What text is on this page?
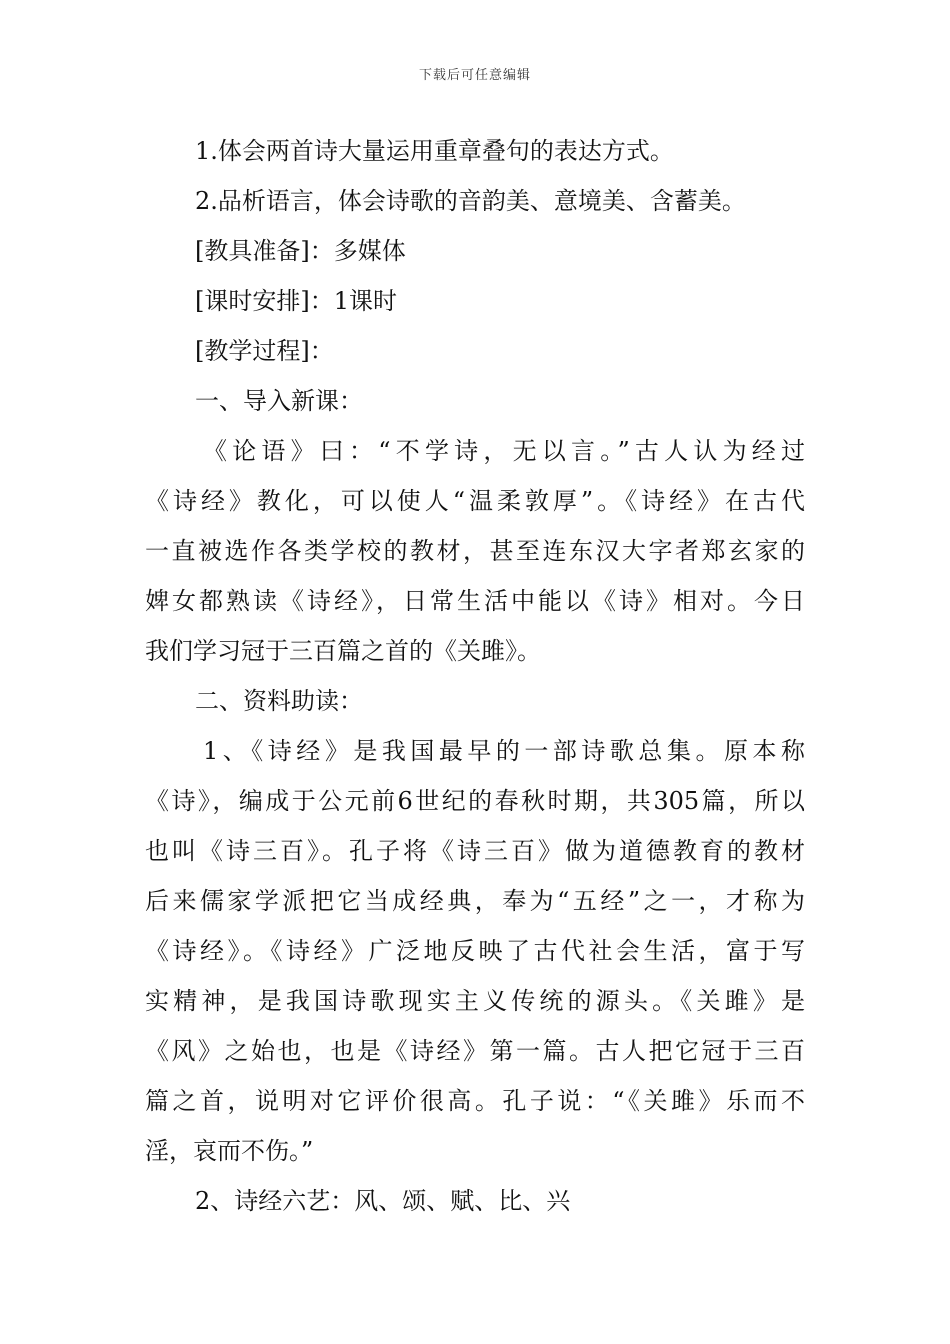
下载后可任意编辑
1.体会两首诗大量运用重章叠句的表达方式。
2.品析语言，体会诗歌的音韵美、意境美、含蓄美。
[教具准备]：多媒体
[课时安排]：1课时
[教学过程]：
一、导入新课：
《论语》曰：“不学诗，无以言。”古人认为经过
《诗经》教化，可以使人“温柔敦厚”。《诗经》在古代
一直被选作各类学校的教材，甚至连东汉大字者郑玄家的
婢女都熟读《诗经》，日常生活中能以《诗》相对。今日
我们学习冠于三百篇之首的《关雎》。
二、资料助读：
1、《诗经》是我国最早的一部诗歌总集。原本称
《诗》，编成于公元前6世纪的春秋时期，共305篇，所以
也叫《诗三百》。孔子将《诗三百》做为道德教育的教材
后来儒家学派把它当成经典，奉为“五经”之一，才称为
《诗经》。《诗经》广泛地反映了古代社会生活，富于写
实精神，是我国诗歌现实主义传统的源头。《关雎》是
《风》之始也，也是《诗经》第一篇。古人把它冠于三百
篇之首，说明对它评价很高。孔子说：“《关雎》乐而不
淫，哀而不伤。”
2、诗经六艺：风、颂、赋、比、兴
